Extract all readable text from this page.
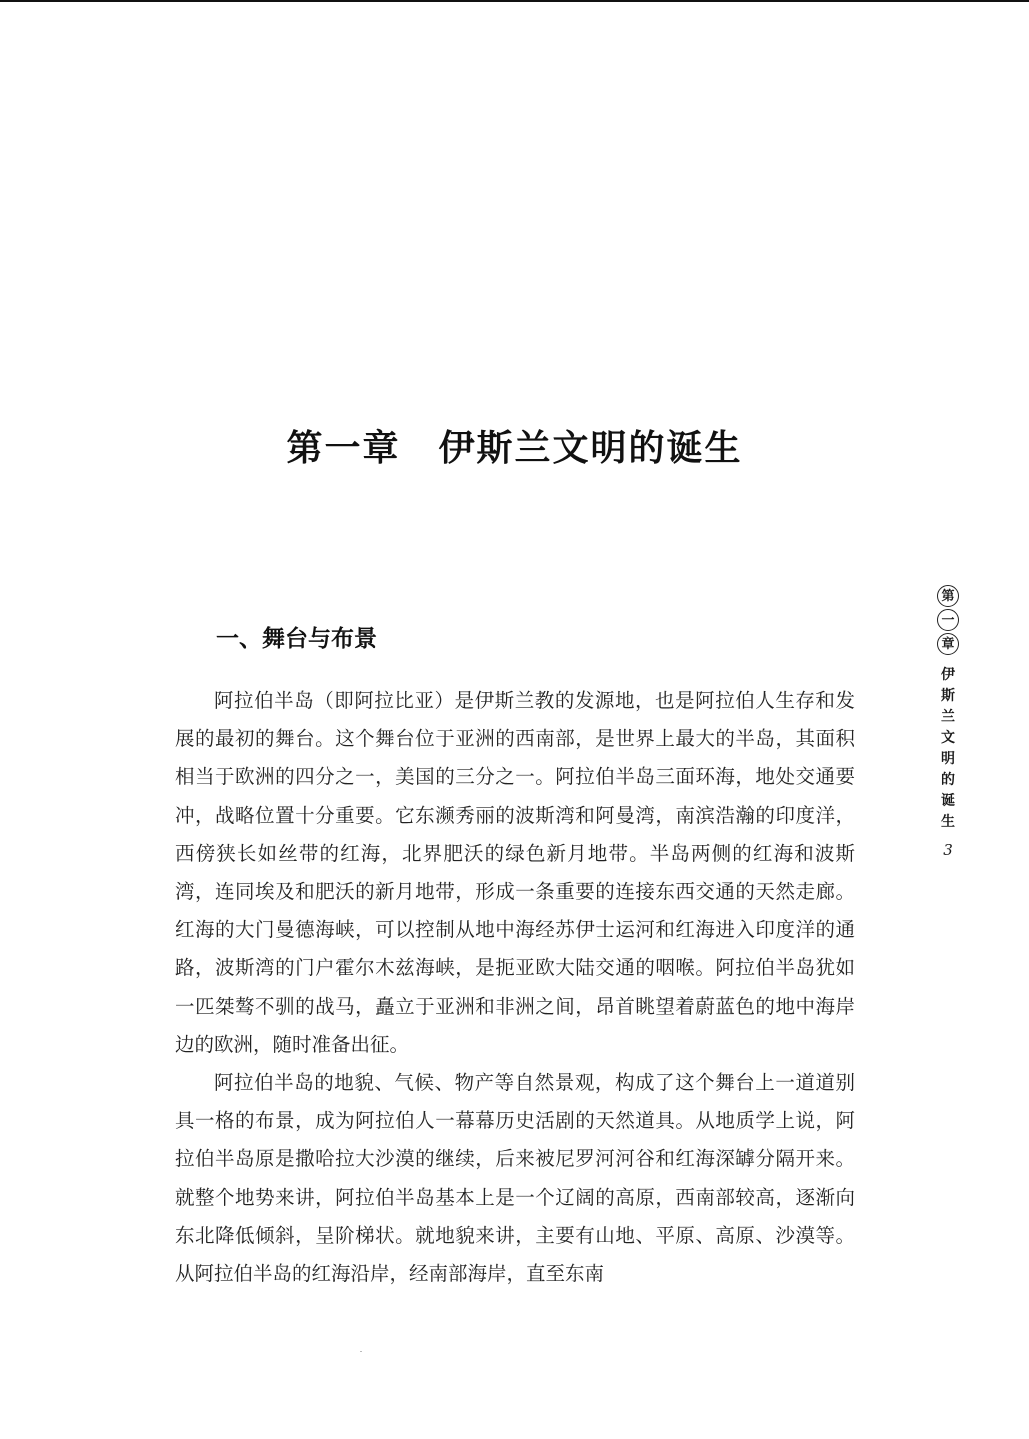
第一章　伊斯兰文明的诞生
一、舞台与布景

阿拉伯半岛（即阿拉比亚）是伊斯兰教的发源地，也是阿拉伯人生存和发展的最初的舞台。这个舞台位于亚洲的西南部，是世界上最大的半岛，其面积相当于欧洲的四分之一，美国的三分之一。阿拉伯半岛三面环海，地处交通要冲，战略位置十分重要。它东濒秀丽的波斯湾和阿曼湾，南滨浩瀚的印度洋，西傍狭长如丝带的红海，北界肥沃的绿色新月地带。半岛两侧的红海和波斯湾，连同埃及和肥沃的新月地带，形成一条重要的连接东西交通的天然走廊。红海的大门曼德海峡，可以控制从地中海经苏伊士运河和红海进入印度洋的通路，波斯湾的门户霍尔木兹海峡，是扼亚欧大陆交通的咽喉。阿拉伯半岛犹如一匹桀骜不驯的战马，矗立于亚洲和非洲之间，昂首眺望着蔚蓝色的地中海岸边的欧洲，随时准备出征。

阿拉伯半岛的地貌、气候、物产等自然景观，构成了这个舞台上一道道别具一格的布景，成为阿拉伯人一幕幕历史活剧的天然道具。从地质学上说，阿拉伯半岛原是撒哈拉大沙漠的继续，后来被尼罗河河谷和红海深罅分隔开来。就整个地势来讲，阿拉伯半岛基本上是一个辽阔的高原，西南部较高，逐渐向东北降低倾斜，呈阶梯状。就地貌来讲，主要有山地、平原、高原、沙漠等。从阿拉伯半岛的红海沿岸，经南部海岸，直至东南

第
一
章
伊斯兰文明的诞生
3
